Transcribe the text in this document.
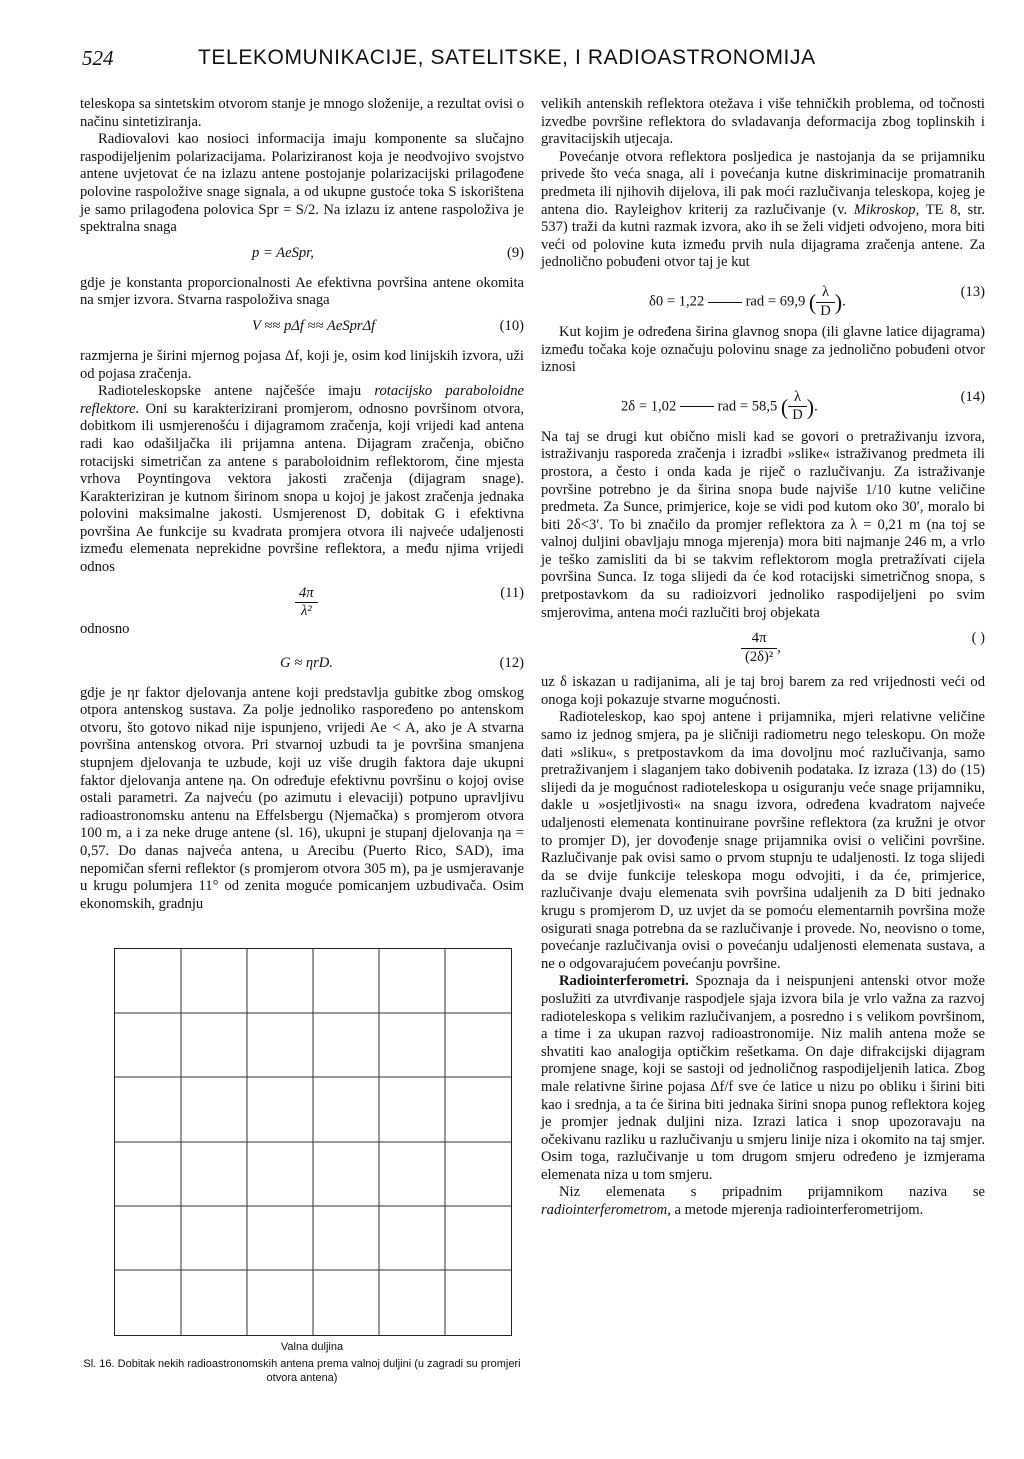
524	TELEKOMUNIKACIJE, SATELITSKE, I RADIOASTRONOMIJA

teleskopa sa sintetskim otvorom stanje je mnogo složenije, a rezultat ovisi o načinu sintetiziranja.

Radiovalovi kao nosioci informacija imaju komponente sa slučajno raspodijeljenim polarizacijama. Polariziranost koja je neodvojivo svojstvo antene uvjetovat će na izlazu antene postojanje polarizacijski prilagođene polovine raspoložive snage signala, a od ukupne gustoće toka S iskorištena je samo prilagođena polovica Spr = S/2. Na izlazu iz antene raspoloživa je spektralna snaga

p = AeSpr,	(9)

gdje je konstanta proporcionalnosti Ae efektivna površina antene okomita na smjer izvora. Stvarna raspoloživa snaga

V ≈≈ pΔf ≈≈ AeSprΔf	(10)

razmjerna je širini mjernog pojasa Δf, koji je, osim kod linijskih izvora, uži od pojasa zračenja.

Radioteleskopske antene najčešće imaju rotacijsko paraboloidne reflektore. Oni su karakterizirani promjerom, odnosno površinom otvora, dobitkom ili usmjerenošću i dijagramom zračenja, koji vrijedi kad antena radi kao odašiljačka ili prijamna antena. Dijagram zračenja, obično rotacijski simetričan za antene s paraboloidnim reflektorom, čine mjesta vrhova Poyntingova vektora jakosti zračenja (dijagram snage). Karakteriziran je kutnom širinom snopa u kojoj je jakost zračenja jednaka polovini maksimalne jakosti. Usmjerenost D, dobitak G i efektivna površina Ae funkcije su kvadrata promjera otvora ili najveće udaljenosti između elemenata neprekidne površine reflektora, a među njima vrijedi odnos

$\frac{4\pi}{\text{λ²}}$	(11)
odnosno
G ≈ ηrD.	(12)

gdje je ηr faktor djelovanja antene koji predstavlja gubitke zbog omskog otpora antenskog sustava. Za polje jednoliko raspoređeno po antenskom otvoru, što gotovo nikad nije ispunjeno, vrijedi Ae < A, ako je A stvarna površina antenskog otvora. Pri stvarnoj uzbudi ta je površina smanjena stupnjem djelovanja te uzbude, koji uz više drugih faktora daje ukupni faktor djelovanja antene ηa. On određuje efektivnu površinu o kojoj ovise ostali parametri. Za najveću (po azimutu i elevaciji) potpuno upravljivu radioastronomsku antenu na Effelsbergu (Njemačka) s promjerom otvora 100 m, a i za neke druge antene (sl. 16), ukupni je stupanj djelovanja ηa = 0,57. Do danas najveća antena, u Arecibu (Puerto Rico, SAD), ima nepomičan sferni reflektor (s promjerom otvora 305 m), pa je usmjeravanje u krugu polumjera 11° od zenita moguće pomicanjem uzbudivača. Osim ekonomskih, gradnju

Valna duljina
Sl. 16. Dobitak nekih radioastronomskih antena prema valnoj duljini (u zagradi su promjeri otvora antena)

velikih antenskih reflektora otežava i više tehničkih problema, od točnosti izvedbe površine reflektora do svladavanja deformacija zbog toplinskih i gravitacijskih utjecaja.

Povećanje otvora reflektora posljedica je nastojanja da se prijamniku privede što veća snaga, ali i povećanja kutne diskriminacije promatranih predmeta ili njihovih dijelova, ili pak moći razlučivanja teleskopa, kojeg je antena dio. Rayleighov kriterij za razlučivanje (v. Mikroskop, TE 8, str. 537) traži da kutni razmak izvora, ako ih se želi vidjeti odvojeno, mora biti veći od polovine kuta između prvih nula dijagrama zračenja antene. Za jednolično pobuđeni otvor taj je kut

δ0 = 1,22	rad = 69,9 ( $\frac{\lambda}{D}$ ).
(13)

Kut kojim je određena širina glavnog snopa (ili glavne latice dijagrama) između točaka koje označuju polovinu snage za jednolično pobuđeni otvor iznosi

2δ = 1,02	rad = 58,5 ( $\frac{\lambda}{D}$ ).
(14)

Na taj se drugi kut obično misli kad se govori o pretraživanju izvora, istraživanju rasporeda zračenja i izradbi »slike« istraživanog predmeta ili prostora, a često i onda kada je riječ o razlučivanju. Za istraživanje površine potrebno je da širina snopa bude najviše 1/10 kutne veličine predmeta. Za Sunce, primjerice, koje se vidi pod kutom oko 30′, moralo bi biti 2δ<3′. To bi značilo da promjer reflektora za λ = 0,21 m (na toj se valnoj duljini obavljaju mnoga mjerenja) mora biti najmanje 246 m, a vrlo je teško zamisliti da bi se takvim reflektorom mogla pretražívati cijela površina Sunca. Iz toga slijedi da će kod rotacijski simetričnog snopa, s pretpostavkom da su radioizvori jednoliko raspodijeljeni po svim smjerovima, antena moći razlučiti broj objekata

$\frac{4\pi}{\text{(2δ)²}}$ ,
( )

uz δ iskazan u radijanima, ali je taj broj barem za red vrijednosti veći od onoga koji pokazuje stvarne mogućnosti.

Radioteleskop, kao spoj antene i prijamnika, mjeri relativne veličine samo iz jednog smjera, pa je sličniji radiometru nego teleskopu. On može dati »sliku«, s pretpostavkom da ima dovoljnu moć razlučivanja, samo pretraživanjem i slaganjem tako dobivenih podataka. Iz izraza (13) do (15) slijedi da je mogućnost radioteleskopa u osiguranju veće snage prijamniku, dakle u »osjetljivosti« na snagu izvora, određena kvadratom najveće udaljenosti elemenata kontinuirane površine reflektora (za kružni je otvor to promjer D), jer dovođenje snage prijamnika ovisi o veličini površine. Razlučivanje pak ovisi samo o prvom stupnju te udaljenosti. Iz toga slijedi da se dvije funkcije teleskopa mogu odvojiti, i da će, primjerice, razlučivanje dvaju elemenata svih površina udaljenih za D biti jednako krugu s promjerom D, uz uvjet da se pomoću elementarnih površina može osigurati snaga potrebna da se razlučivanje i provede. No, neovisno o tome, povećanje razlučivanja ovisi o povećanju udaljenosti elemenata sustava, a ne o odgovarajućem povećanju površine.

Radiointerferometri. Spoznaja da i neispunjeni antenski otvor može poslužiti za utvrđivanje raspodjele sjaja izvora bila je vrlo važna za razvoj radioteleskopa s velikim razlučivanjem, a posredno i s velikom površinom, a time i za ukupan razvoj radioastronomije. Niz malih antena može se shvatiti kao analogija optičkim rešetkama. On daje difrakcijski dijagram promjene snage, koji se sastoji od jednoličnog raspodijeljenih latica. Zbog male relativne širine pojasa Δf/f sve će latice u nizu po obliku i širini biti kao i srednja, a ta će širina biti jednaka širini snopa punog reflektora kojeg je promjer jednak duljini niza. Izrazi latica i snop upozoravaju na očekivanu razliku u razlučivanju u smjeru linije niza i okomito na taj smjer. Osim toga, razlučivanje u tom drugom smjeru određeno je izmjerama elemenata niza u tom smjeru.

Niz elemenata s pripadnim prijamnikom naziva se radiointerferometrom, a metode mjerenja radiointerferometrijom.
